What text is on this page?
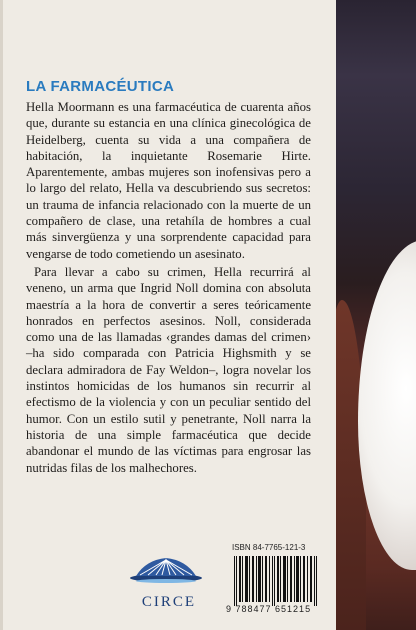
LA FARMACÉUTICA

Hella Moormann es una farmacéutica de cuarenta años que, durante su estancia en una clínica ginecológica de Heidelberg, cuenta su vida a una compañera de habitación, la inquietante Rosemarie Hirte. Aparentemente, ambas mujeres son inofensivas pero a lo largo del relato, Hella va descubriendo sus secretos: un trauma de infancia relacionado con la muerte de un compañero de clase, una retahíla de hombres a cual más sinvergüenza y una sorprendente capacidad para vengarse de todo cometiendo un asesinato.

Para llevar a cabo su crimen, Hella recurrirá al veneno, un arma que Ingrid Noll domina con absoluta maestría a la hora de convertir a seres teóricamente honrados en perfectos asesinos. Noll, considerada como una de las llamadas ‹grandes damas del crimen› –ha sido comparada con Patricia Highsmith y se declara admiradora de Fay Weldon–, logra novelar los instintos homicidas de los humanos sin recurrir al efectismo de la violencia y con un peculiar sentido del humor. Con un estilo sutil y penetrante, Noll narra la historia de una simple farmacéutica que decide abandonar el mundo de las víctimas para engrosar las nutridas filas de los malhechores.

CIRCE
ISBN 84-7765-121-3
9 788477 651215
